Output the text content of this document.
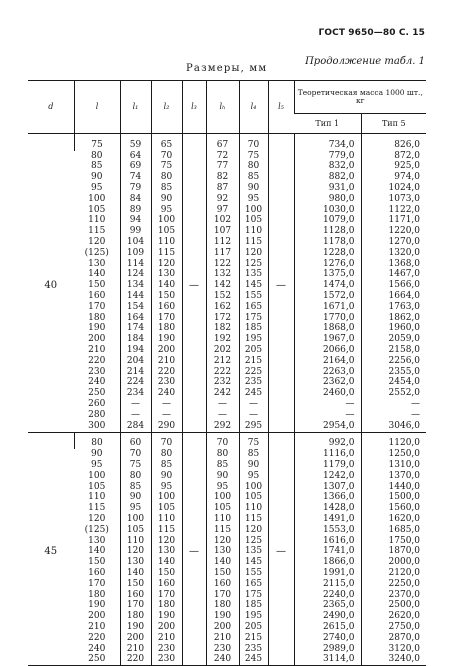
ГОСТ 9650—80 С. 15
Продолжение табл. 1
Размеры, мм
d	l	l₁	l₂	l₃	lₕ	l₄	l₅	Теоретическая масса 1000 шт., кг	
								Тип 1	Тип 5

40	75	59	65	—	67	70	—	734,0	826,0
	80	64	70		72	75		779,0	872,0
	85	69	75		77	80		832,0	925,0
	90	74	80		82	85		882,0	974,0
	95	79	85		87	90		931,0	1024,0
	100	84	90		92	95		980,0	1073,0
	105	89	95		97	100		1030,0	1122,0
	110	94	100		102	105		1079,0	1171,0
	115	99	105		107	110		1128,0	1220,0
	120	104	110		112	115		1178,0	1270,0
	(125)	109	115		117	120		1228,0	1320,0
	130	114	120		122	125		1276,0	1368,0
	140	124	130		132	135		1375,0	1467,0
	150	134	140		142	145		1474,0	1566,0
	160	144	150		152	155		1572,0	1664,0
	170	154	160		162	165		1671,0	1763,0
	180	164	170		172	175		1770,0	1862,0
	190	174	180		182	185		1868,0	1960,0
	200	184	190		192	195		1967,0	2059,0
	210	194	200		202	205		2066,0	2158,0
	220	204	210		212	215		2164,0	2256,0
	230	214	220		222	225		2263,0	2355,0
	240	224	230		232	235		2362,0	2454,0
	250	234	240		242	245		2460,0	2552,0
	260	—	—		—	—		—	—
	280	—	—		—	—		—	—
	300	284	290		292	295		2954,0	3046,0

45	80	60	70	—	70	75	—	992,0	1120,0
	90	70	80		80	85		1116,0	1250,0
	95	75	85		85	90		1179,0	1310,0
	100	80	90		90	95		1242,0	1370,0
	105	85	95		95	100		1307,0	1440,0
	110	90	100		100	105		1366,0	1500,0
	115	95	105		105	110		1428,0	1560,0
	120	100	110		110	115		1491,0	1620,0
	(125)	105	115		115	120		1553,0	1685,0
	130	110	120		120	125		1616,0	1750,0
	140	120	130		130	135		1741,0	1870,0
	150	130	140		140	145		1866,0	2000,0
	160	140	150		150	155		1991,0	2120,0
	170	150	160		160	165		2115,0	2250,0
	180	160	170		170	175		2240,0	2370,0
	190	170	180		180	185		2365,0	2500,0
	200	180	190		190	195		2490,0	2620,0
	210	190	200		200	205		2615,0	2750,0
	220	200	210		210	215		2740,0	2870,0
	240	210	230		230	235		2989,0	3120,0
	250	220	230		240	245		3114,0	3240,0
